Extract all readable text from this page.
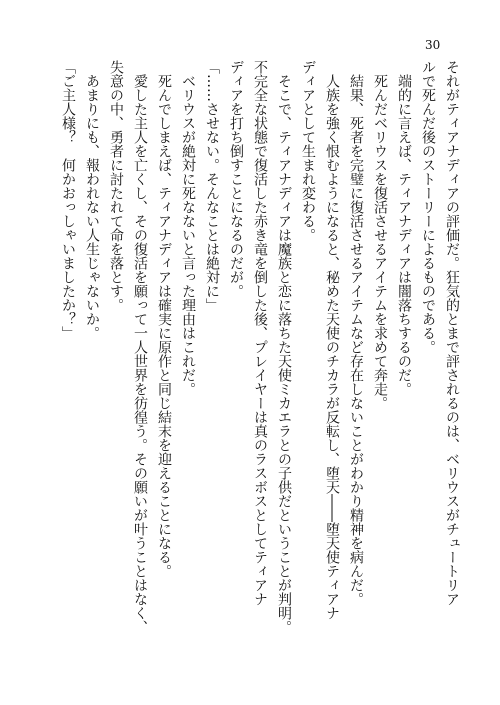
30
それがティアナディアの評価だ。狂気的とまで評されるのは、ベリウスがチュートリア
ルで死んだ後のストーリーによるものである。
端的に言えば、ティアナディアは闇落ちするのだ。
死んだベリウスを復活させるアイテムを求めて奔走。
結果、死者を完璧に復活させるアイテムなど存在しないことがわかり精神を病んだ。
人族を強く恨むようになると、秘めた天使のチカラが反転し、堕天――堕天使ティアナ
ディアとして生まれ変わる。
そこで、ティアナディアは魔族と恋に落ちた天使ミカエラとの子供だということが判明。
不完全な状態で復活した赤き竜を倒した後、プレイヤーは真のラスボスとしてティアナ
ディアを打ち倒すことになるのだが。
「……させない。そんなことは絶対に」
ベリウスが絶対に死なないと言った理由はこれだ。
死んでしまえば、ティアナディアは確実に原作と同じ結末を迎えることになる。
愛した主人を亡くし、その復活を願って一人世界を彷徨う。その願いが叶うことはなく、
失意の中、勇者に討たれて命を落とす。
あまりにも、報われない人生じゃないか。
「ご主人様？　何かおっしゃいましたか？」
